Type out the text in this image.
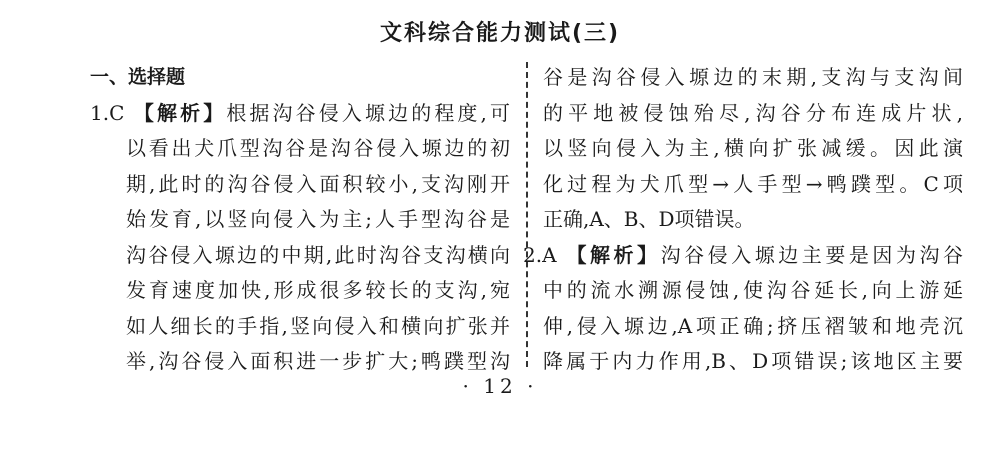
文科综合能力测试(三)
一、选择题
1.C 【解析】根据沟谷侵入塬边的程度,可
以看出犬爪型沟谷是沟谷侵入塬边的初
期,此时的沟谷侵入面积较小,支沟刚开
始发育,以竖向侵入为主;人手型沟谷是
沟谷侵入塬边的中期,此时沟谷支沟横向
发育速度加快,形成很多较长的支沟,宛
如人细长的手指,竖向侵入和横向扩张并
举,沟谷侵入面积进一步扩大;鸭蹼型沟
谷是沟谷侵入塬边的末期,支沟与支沟间
的平地被侵蚀殆尽,沟谷分布连成片状,
以竖向侵入为主,横向扩张减缓。因此演
化过程为犬爪型→人手型→鸭蹼型。C项
正确,A、B、D项错误。
2.A 【解析】沟谷侵入塬边主要是因为沟谷
中的流水溯源侵蚀,使沟谷延长,向上游延
伸,侵入塬边,A项正确;挤压褶皱和地壳沉
降属于内力作用,B、D项错误;该地区主要
· 12 ·
